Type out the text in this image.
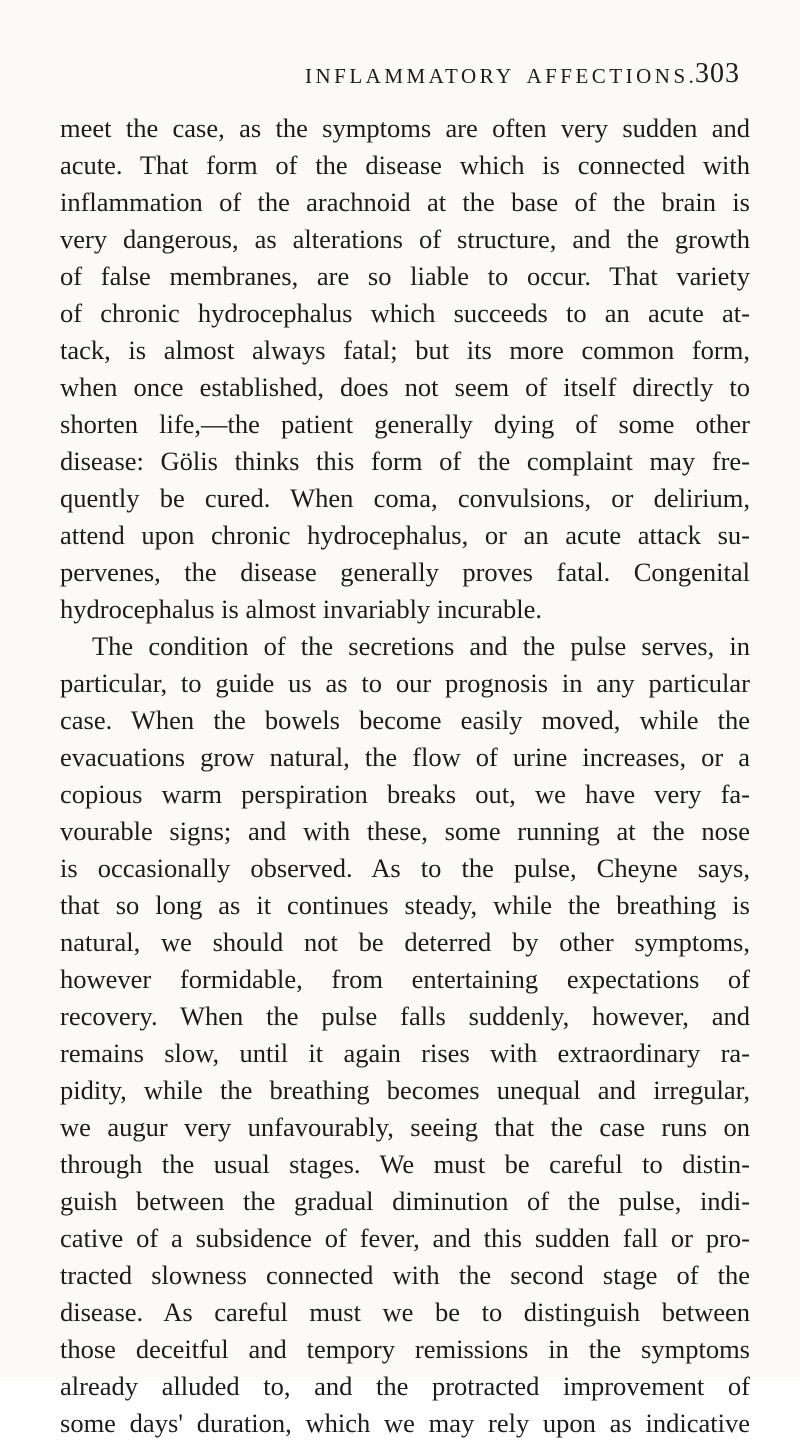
INFLAMMATORY AFFECTIONS.
303
meet the case, as the symptoms are often very sudden and
acute. That form of the disease which is connected with
inflammation of the arachnoid at the base of the brain is
very dangerous, as alterations of structure, and the growth
of false membranes, are so liable to occur. That variety
of chronic hydrocephalus which succeeds to an acute at-
tack, is almost always fatal; but its more common form,
when once established, does not seem of itself directly to
shorten life,—the patient generally dying of some other
disease: Gölis thinks this form of the complaint may fre-
quently be cured. When coma, convulsions, or delirium,
attend upon chronic hydrocephalus, or an acute attack su-
pervenes, the disease generally proves fatal. Congenital
hydrocephalus is almost invariably incurable.
The condition of the secretions and the pulse serves, in
particular, to guide us as to our prognosis in any particular
case. When the bowels become easily moved, while the
evacuations grow natural, the flow of urine increases, or a
copious warm perspiration breaks out, we have very fa-
vourable signs; and with these, some running at the nose
is occasionally observed. As to the pulse, Cheyne says,
that so long as it continues steady, while the breathing is
natural, we should not be deterred by other symptoms,
however formidable, from entertaining expectations of
recovery. When the pulse falls suddenly, however, and
remains slow, until it again rises with extraordinary ra-
pidity, while the breathing becomes unequal and irregular,
we augur very unfavourably, seeing that the case runs on
through the usual stages. We must be careful to distin-
guish between the gradual diminution of the pulse, indi-
cative of a subsidence of fever, and this sudden fall or pro-
tracted slowness connected with the second stage of the
disease. As careful must we be to distinguish between
those deceitful and tempory remissions in the symptoms
already alluded to, and the protracted improvement of
some days' duration, which we may rely upon as indicative
